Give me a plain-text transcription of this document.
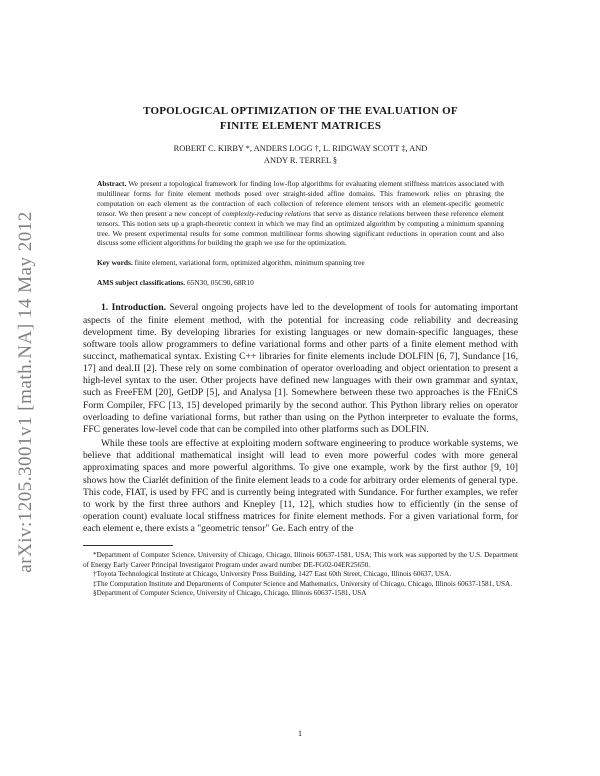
arXiv:1205.3001v1 [math.NA] 14 May 2012
TOPOLOGICAL OPTIMIZATION OF THE EVALUATION OF
FINITE ELEMENT MATRICES
ROBERT C. KIRBY *, ANDERS LOGG †, L. RIDGWAY SCOTT ‡, AND
ANDY R. TERREL §
Abstract. We present a topological framework for finding low-flop algorithms for evaluating element stiffness matrices associated with multilinear forms for finite element methods posed over straight-sided affine domains. This framework relies on phrasing the computation on each element as the contraction of each collection of reference element tensors with an element-specific geometric tensor. We then present a new concept of complexity-reducing relations that serve as distance relations between these reference element tensors. This notion sets up a graph-theoretic context in which we may find an optimized algorithm by computing a minimum spanning tree. We present experimental results for some common multilinear forms showing significant reductions in operation count and also discuss some efficient algorithms for building the graph we use for the optimization.
Key words. finite element, variational form, optimized algorithm, minimum spanning tree
AMS subject classifications. 65N30, 05C90, 68R10

1. Introduction. Several ongoing projects have led to the development of tools for automating important aspects of the finite element method, with the potential for increasing code reliability and decreasing development time. By developing libraries for existing languages or new domain-specific languages, these software tools allow programmers to define variational forms and other parts of a finite element method with succinct, mathematical syntax. Existing C++ libraries for finite elements include DOLFIN [6, 7], Sundance [16, 17] and deal.II [2]. These rely on some combination of operator overloading and object orientation to present a high-level syntax to the user. Other projects have defined new languages with their own grammar and syntax, such as FreeFEM [20], GetDP [5], and Analysa [1]. Somewhere between these two approaches is the FEniCS Form Compiler, FFC [13, 15] developed primarily by the second author. This Python library relies on operator overloading to define variational forms, but rather than using on the Python interpreter to evaluate the forms, FFC generates low-level code that can be compiled into other platforms such as DOLFIN.

While these tools are effective at exploiting modern software engineering to produce workable systems, we believe that additional mathematical insight will lead to even more powerful codes with more general approximating spaces and more powerful algorithms. To give one example, work by the first author [9, 10] shows how the Ciarlét definition of the finite element leads to a code for arbitrary order elements of general type. This code, FIAT, is used by FFC and is currently being integrated with Sundance. For further examples, we refer to work by the first three authors and Knepley [11, 12], which studies how to efficiently (in the sense of operation count) evaluate local stiffness matrices for finite element methods. For a given variational form, for each element e, there exists a "geometric tensor" Ge. Each entry of the

*Department of Computer Science, University of Chicago, Chicago, Illinois 60637-1581, USA; This work was supported by the U.S. Department of Energy Early Career Principal Investigator Program under award number DE-FG02-04ER25650.
†Toyota Technological Institute at Chicago, University Press Building, 1427 East 60th Street, Chicago, Illinois 60637, USA.
‡The Computation Institute and Departments of Computer Science and Mathematics, University of Chicago, Chicago, Illinois 60637-1581, USA.
§Department of Computer Science, University of Chicago, Chicago, Illinois 60637-1581, USA
1
